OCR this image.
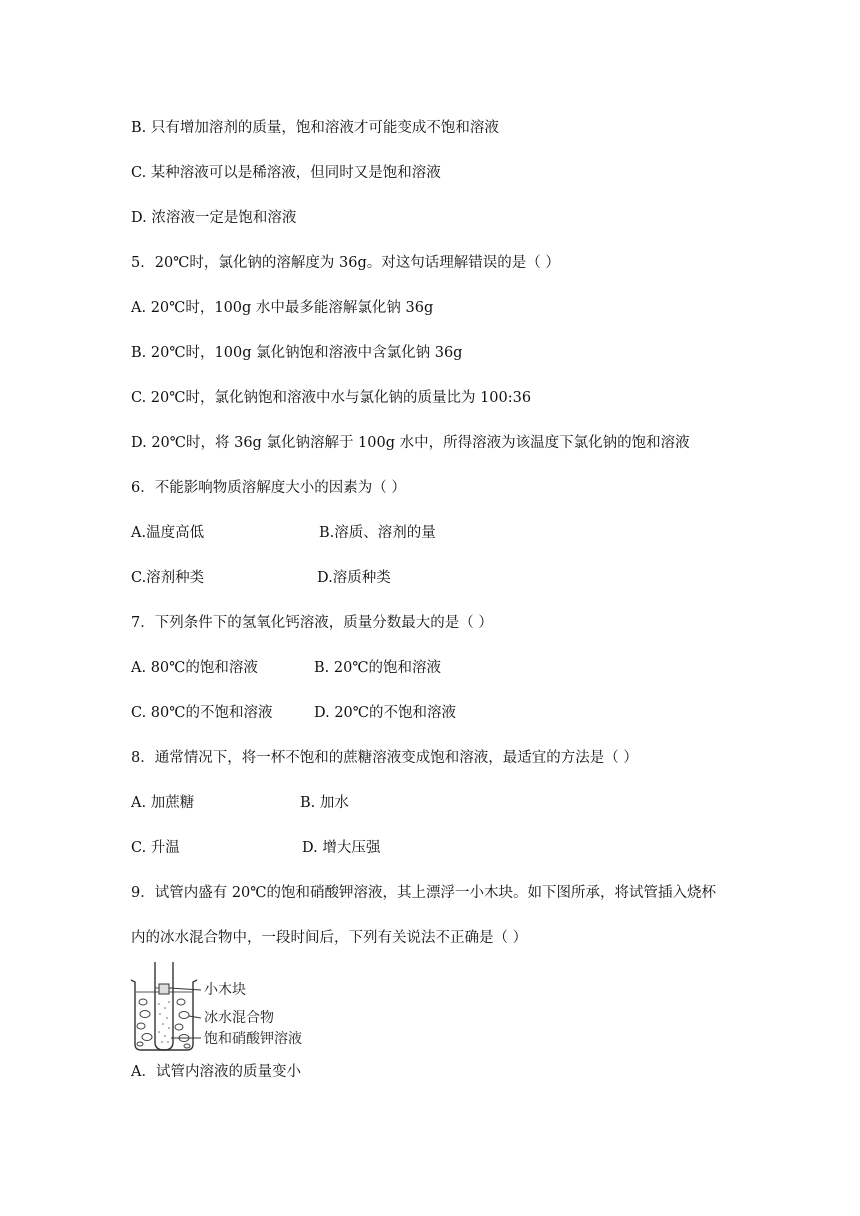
B. 只有增加溶剂的质量，饱和溶液才可能变成不饱和溶液
C. 某种溶液可以是稀溶液，但同时又是饱和溶液
D. 浓溶液一定是饱和溶液
5．20℃时，氯化钠的溶解度为 36g。对这句话理解错误的是（ ）
A. 20℃时，100g 水中最多能溶解氯化钠 36g
B. 20℃时，100g 氯化钠饱和溶液中含氯化钠 36g
C. 20℃时，氯化钠饱和溶液中水与氯化钠的质量比为 100:36
D. 20℃时，将 36g 氯化钠溶解于 100g 水中，所得溶液为该温度下氯化钠的饱和溶液
6．不能影响物质溶解度大小的因素为（ ）
A.温度高低	B.溶质、溶剂的量
C.溶剂种类	D.溶质种类
7．下列条件下的氢氧化钙溶液，质量分数最大的是（ ）
A. 80℃的饱和溶液	B. 20℃的饱和溶液
C. 80℃的不饱和溶液	D. 20℃的不饱和溶液
8．通常情况下，将一杯不饱和的蔗糖溶液变成饱和溶液，最适宜的方法是（ ）
A. 加蔗糖	B. 加水
C. 升温	D. 增大压强
9．试管内盛有 20℃的饱和硝酸钾溶液，其上漂浮一小木块。如下图所承，将试管插入烧杯
内的冰水混合物中，一段时间后，下列有关说法不正确是（ ）
小木块
冰水混合物
饱和硝酸钾溶液
A．试管内溶液的质量变小
